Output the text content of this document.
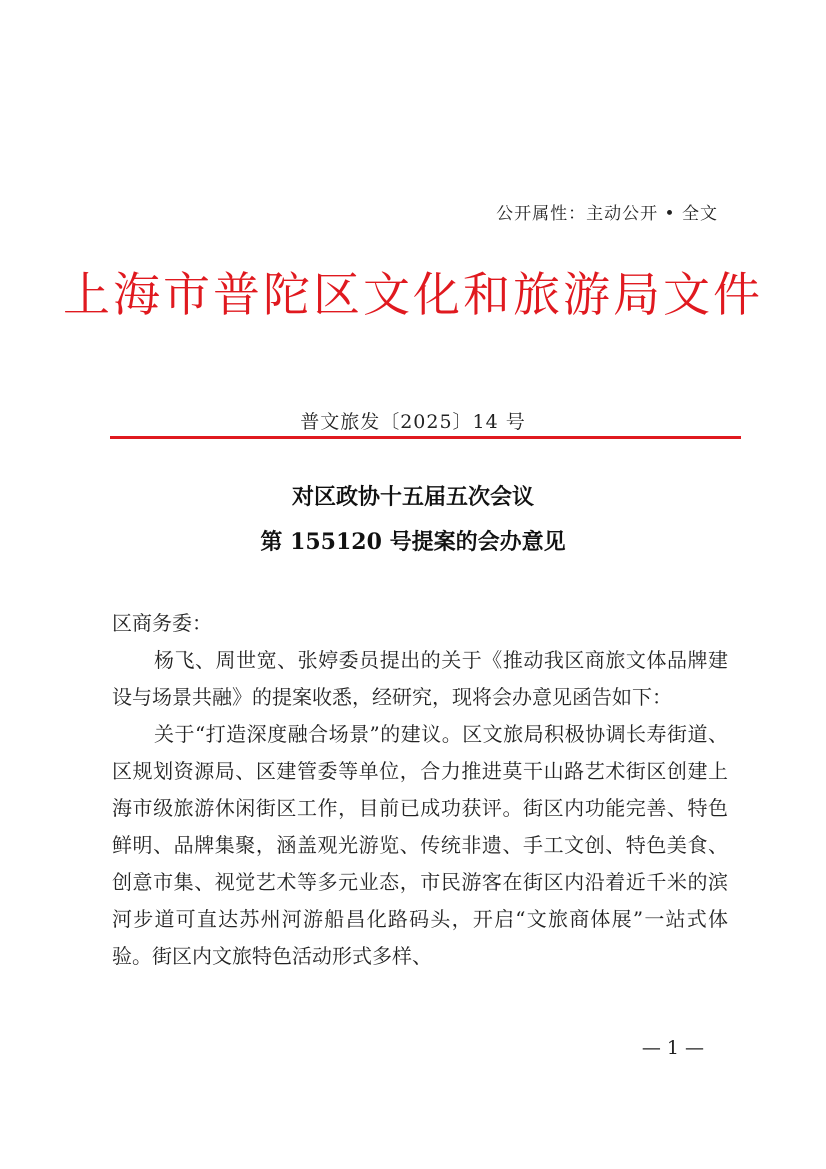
公开属性：主动公开 • 全文
上海市普陀区文化和旅游局文件
普文旅发〔2025〕14 号
对区政协十五届五次会议
第 155120 号提案的会办意见

区商务委：

杨飞、周世宽、张婷委员提出的关于《推动我区商旅文体品牌建设与场景共融》的提案收悉，经研究，现将会办意见函告如下：

关于“打造深度融合场景”的建议。区文旅局积极协调长寿街道、区规划资源局、区建管委等单位，合力推进莫干山路艺术街区创建上海市级旅游休闲街区工作，目前已成功获评。街区内功能完善、特色鲜明、品牌集聚，涵盖观光游览、传统非遗、手工文创、特色美食、创意市集、视觉艺术等多元业态，市民游客在街区内沿着近千米的滨河步道可直达苏州河游船昌化路码头，开启“文旅商体展”一站式体验。街区内文旅特色活动形式多样、

— 1 —
